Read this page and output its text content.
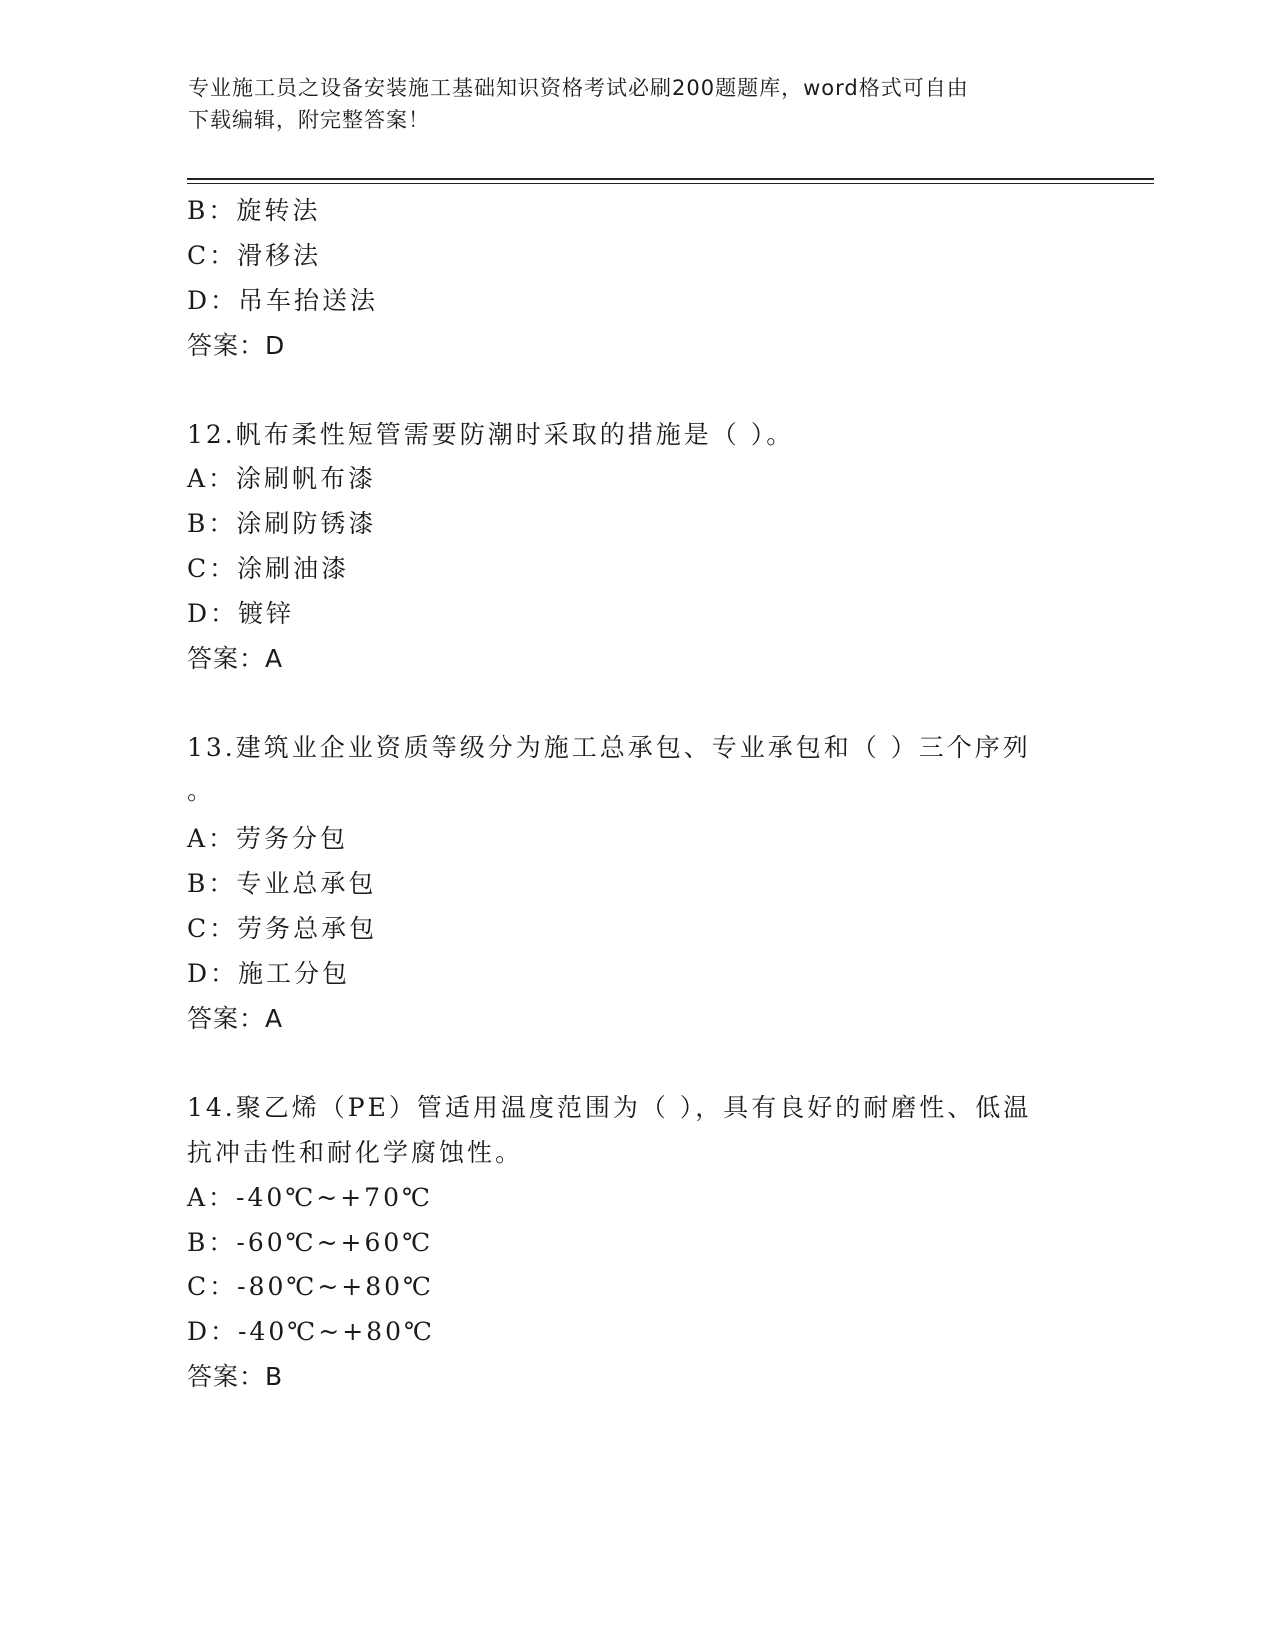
专业施工员之设备安装施工基础知识资格考试必刷200题题库，word格式可自由
下载编辑，附完整答案！
B：旋转法
C：滑移法
D：吊车抬送法
答案：D
12.帆布柔性短管需要防潮时采取的措施是（ ）。
A：涂刷帆布漆
B：涂刷防锈漆
C：涂刷油漆
D：镀锌
答案：A
13.建筑业企业资质等级分为施工总承包、专业承包和（ ）三个序列
。
A：劳务分包
B：专业总承包
C：劳务总承包
D：施工分包
答案：A
14.聚乙烯（PE）管适用温度范围为（ ），具有良好的耐磨性、低温
抗冲击性和耐化学腐蚀性。
A：-40℃~+70℃
B：-60℃~+60℃
C：-80℃~+80℃
D：-40℃~+80℃
答案：B
